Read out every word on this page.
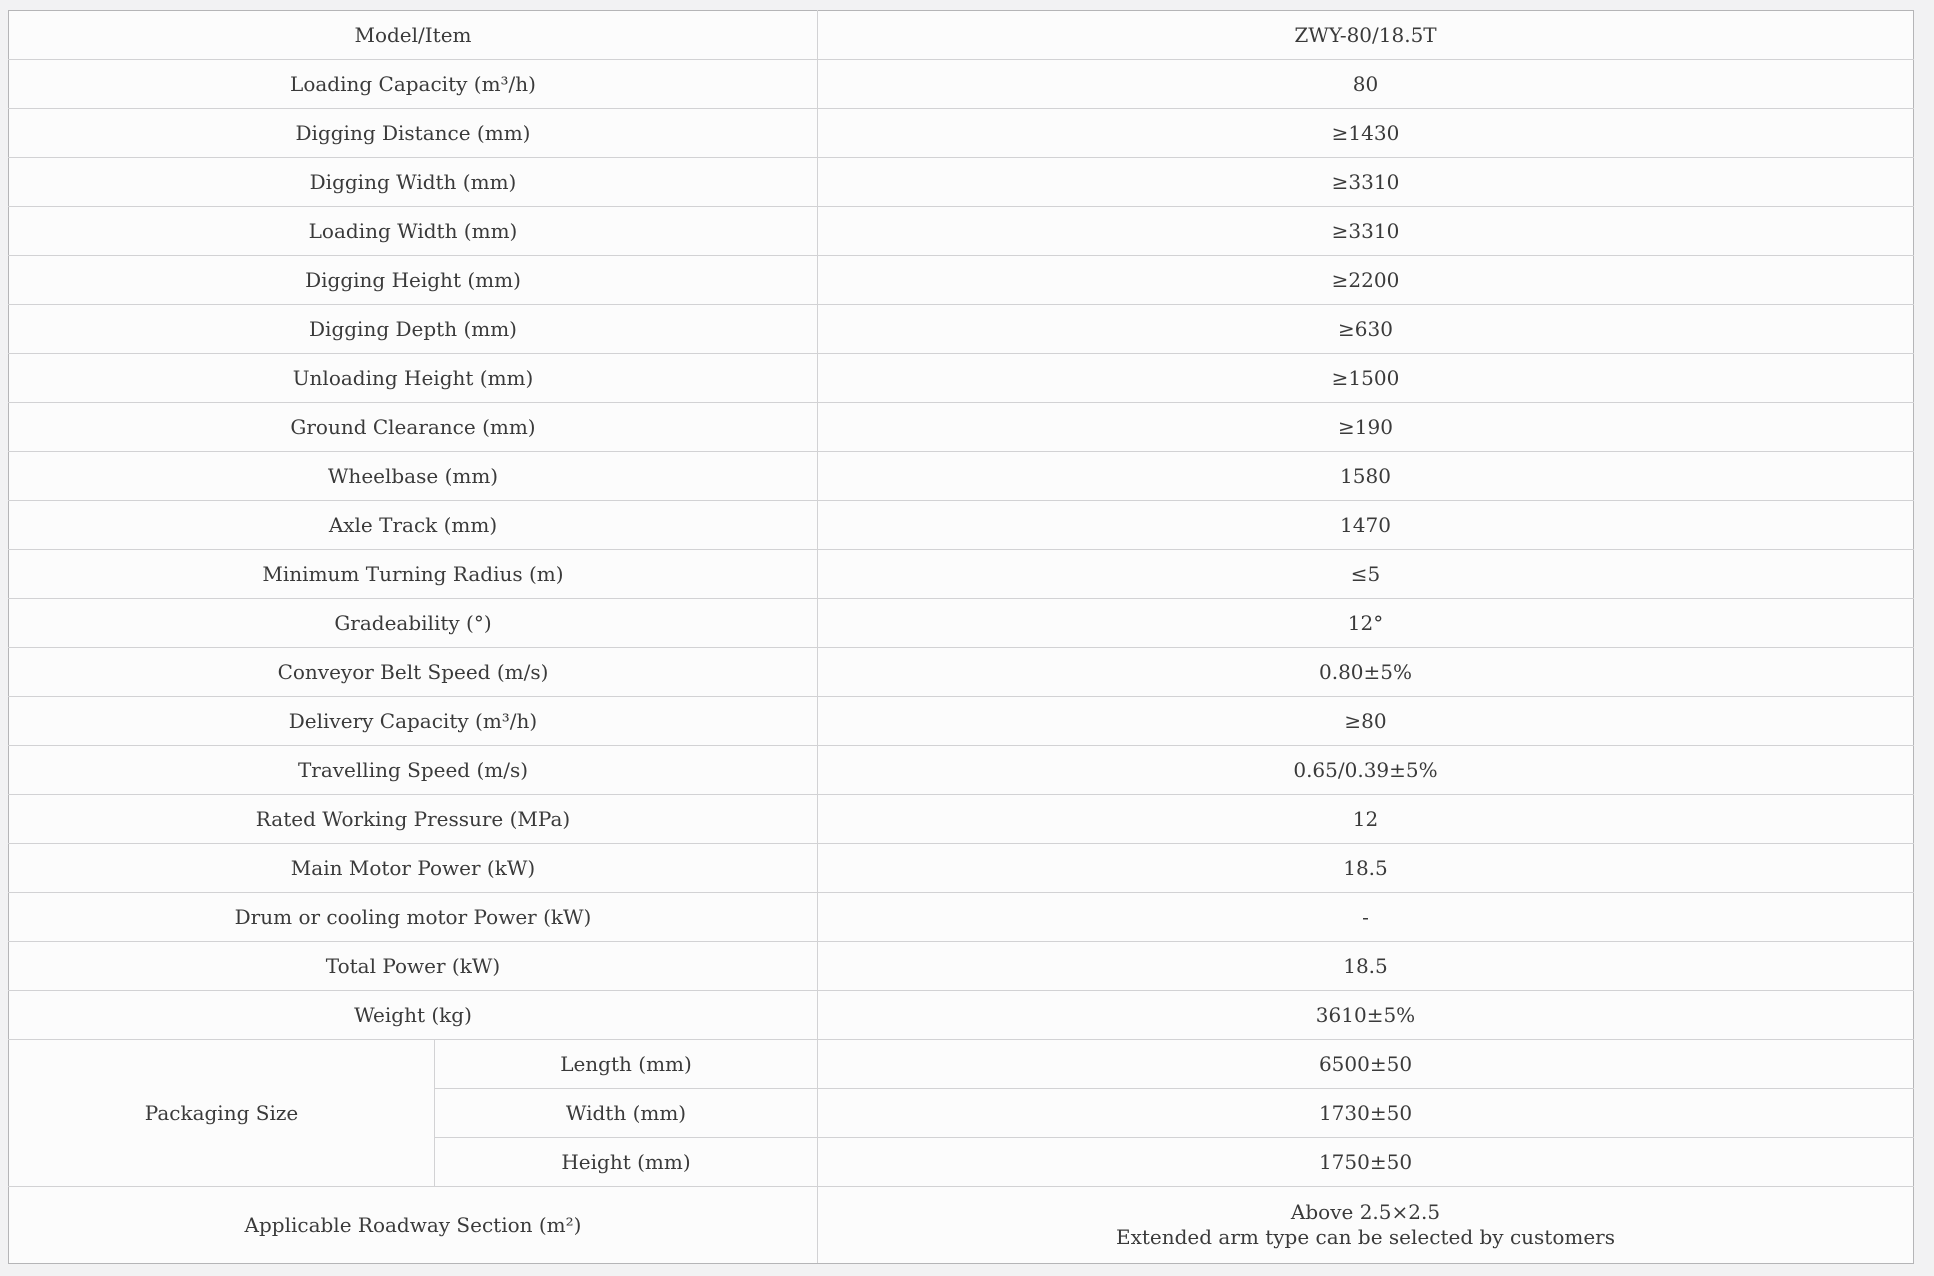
Model/Item		ZWY-80/18.5T
Loading Capacity (m³/h)		80
Digging Distance (mm)		≥1430
Digging Width (mm)		≥3310
Loading Width (mm)		≥3310
Digging Height (mm)		≥2200
Digging Depth (mm)		≥630
Unloading Height (mm)		≥1500
Ground Clearance (mm)		≥190
Wheelbase (mm)		1580
Axle Track (mm)		1470
Minimum Turning Radius (m)		≤5
Gradeability (°)		12°
Conveyor Belt Speed (m/s)		0.80±5%
Delivery Capacity (m³/h)		≥80
Travelling Speed (m/s)		0.65/0.39±5%
Rated Working Pressure (MPa)		12
Main Motor Power (kW)		18.5
Drum or cooling motor Power (kW)		-
Total Power (kW)		18.5
Weight (kg)		3610±5%
Packaging Size	Length (mm)	6500±50
	Width (mm)	1730±50
	Height (mm)	1750±50
Applicable Roadway Section (m²)		Above 2.5×2.5
Extended arm type can be selected by customers
